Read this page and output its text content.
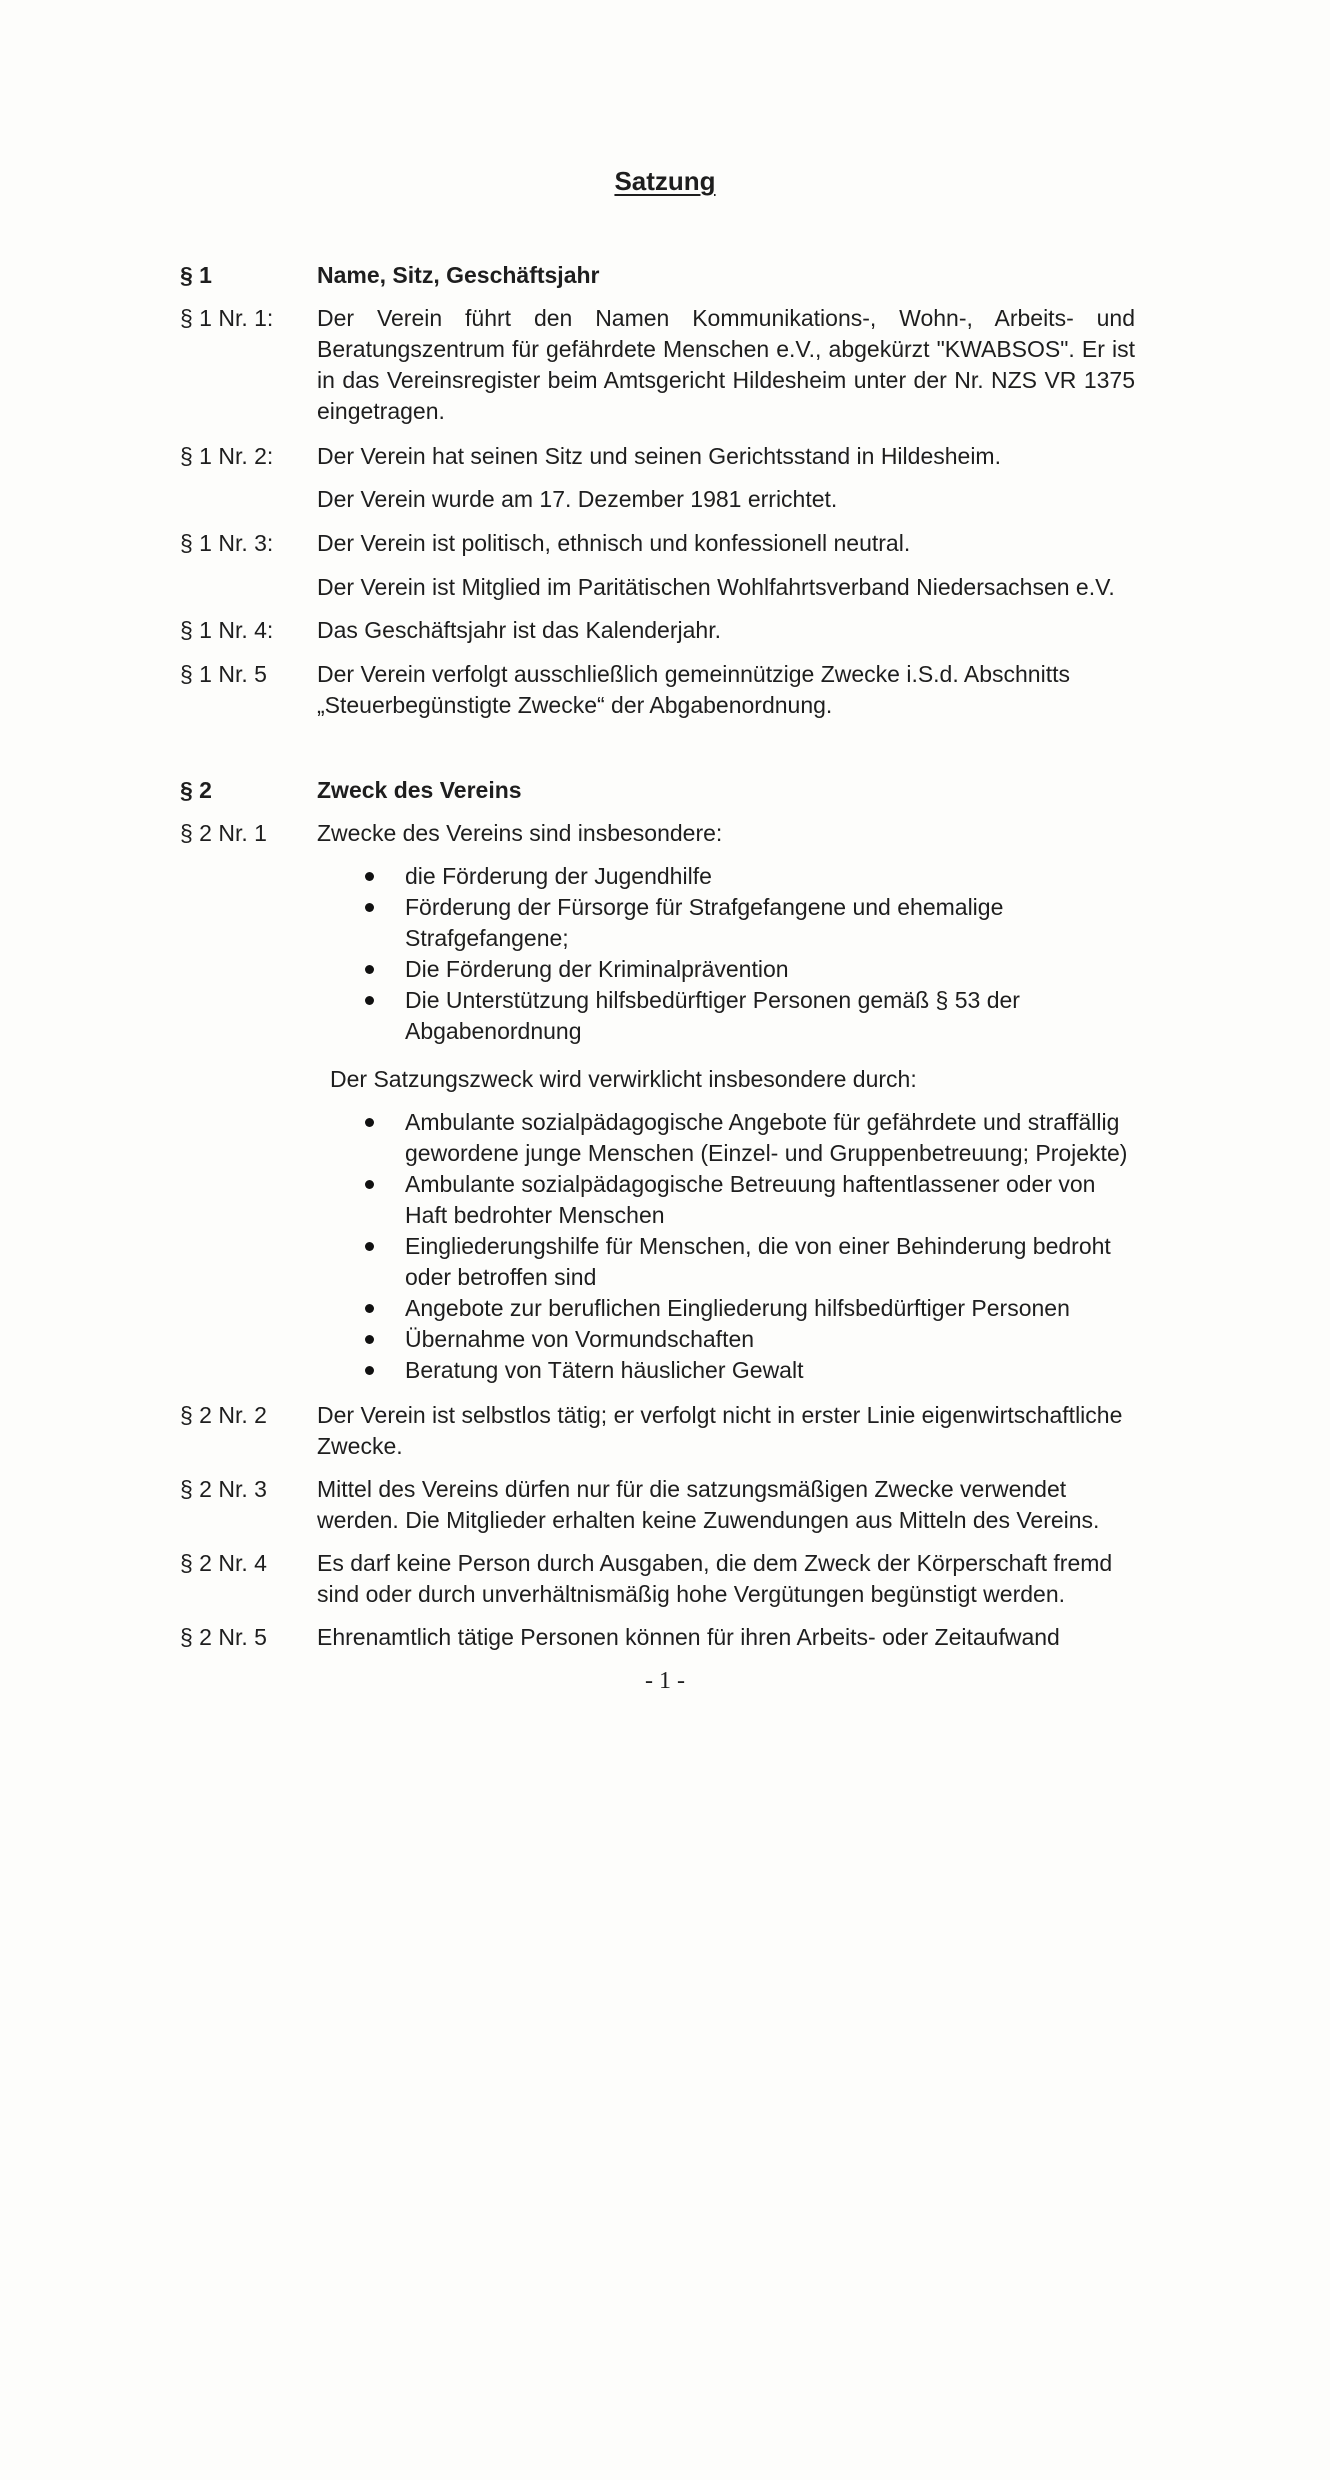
Satzung
§ 1	Name, Sitz, Geschäftsjahr
§ 1 Nr. 1:	Der Verein führt den Namen Kommunikations-, Wohn-, Arbeits- und Beratungszentrum für gefährdete Menschen e.V., abgekürzt "KWABSOS". Er ist in das Vereinsregister beim Amtsgericht Hildesheim unter der Nr. NZS VR 1375 eingetragen.
§ 1 Nr. 2:	Der Verein hat seinen Sitz und seinen Gerichtsstand in Hildesheim.
Der Verein wurde am 17. Dezember 1981 errichtet.
§ 1 Nr. 3:	Der Verein ist politisch, ethnisch und konfessionell neutral.
Der Verein ist Mitglied im Paritätischen Wohlfahrtsverband Niedersachsen e.V.
§ 1 Nr. 4:	Das Geschäftsjahr ist das Kalenderjahr.
§ 1 Nr. 5	Der Verein verfolgt ausschließlich gemeinnützige Zwecke i.S.d. Abschnitts „Steuerbegünstigte Zwecke“ der Abgabenordnung.
§ 2	Zweck des Vereins
§ 2 Nr. 1	Zwecke des Vereins sind insbesondere:
die Förderung der Jugendhilfe
Förderung der Fürsorge für Strafgefangene und ehemalige Strafgefangene;
Die Förderung der Kriminalprävention
Die Unterstützung hilfsbedürftiger Personen gemäß § 53 der Abgabenordnung
Der Satzungszweck wird verwirklicht insbesondere durch:
Ambulante sozialpädagogische Angebote für gefährdete und straffällig gewordene junge Menschen (Einzel- und Gruppenbetreuung; Projekte)
Ambulante sozialpädagogische Betreuung haftentlassener oder von Haft bedrohter Menschen
Eingliederungshilfe für Menschen, die von einer Behinderung bedroht oder betroffen sind
Angebote zur beruflichen Eingliederung hilfsbedürftiger Personen
Übernahme von Vormundschaften
Beratung von Tätern häuslicher Gewalt
§ 2 Nr. 2	Der Verein ist selbstlos tätig; er verfolgt nicht in erster Linie eigenwirtschaftliche Zwecke.
§ 2 Nr. 3	Mittel des Vereins dürfen nur für die satzungsmäßigen Zwecke verwendet werden. Die Mitglieder erhalten keine Zuwendungen aus Mitteln des Vereins.
§ 2 Nr. 4	Es darf keine Person durch Ausgaben, die dem Zweck der Körperschaft fremd sind oder durch unverhältnismäßig hohe Vergütungen begünstigt werden.
§ 2 Nr. 5	Ehrenamtlich tätige Personen können für ihren Arbeits- oder Zeitaufwand
- 1 -
